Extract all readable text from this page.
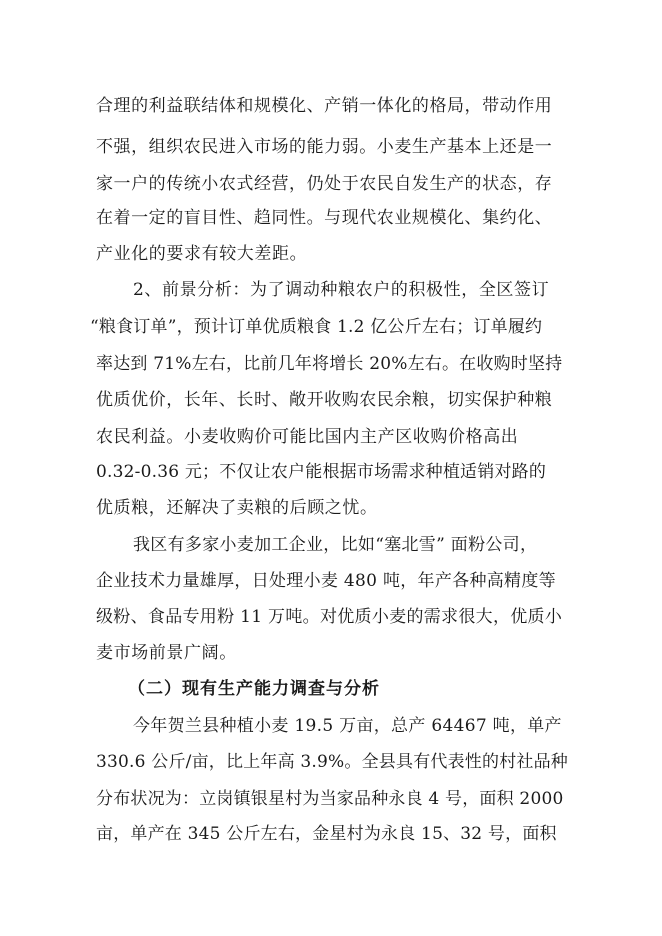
合理的利益联结体和规模化、产销一体化的格局，带动作用
不强，组织农民进入市场的能力弱。小麦生产基本上还是一
家一户的传统小农式经营，仍处于农民自发生产的状态，存
在着一定的盲目性、趋同性。与现代农业规模化、集约化、
产业化的要求有较大差距。
2、前景分析：为了调动种粮农户的积极性，全区签订
“粮食订单”，预计订单优质粮食 1.2 亿公斤左右；订单履约
率达到 71%左右，比前几年将增长 20%左右。在收购时坚持
优质优价，长年、长时、敞开收购农民余粮，切实保护种粮
农民利益。小麦收购价可能比国内主产区收购价格高出
0.32-0.36 元；不仅让农户能根据市场需求种植适销对路的
优质粮，还解决了卖粮的后顾之忧。
我区有多家小麦加工企业，比如“塞北雪” 面粉公司，
企业技术力量雄厚，日处理小麦 480 吨，年产各种高精度等
级粉、食品专用粉 11 万吨。对优质小麦的需求很大，优质小
麦市场前景广阔。
（二）现有生产能力调查与分析
今年贺兰县种植小麦 19.5 万亩，总产 64467 吨，单产
330.6 公斤/亩，比上年高 3.9%。全县具有代表性的村社品种
分布状况为：立岗镇银星村为当家品种永良 4 号，面积 2000
亩，单产在 345 公斤左右，金星村为永良 15、32 号，面积
